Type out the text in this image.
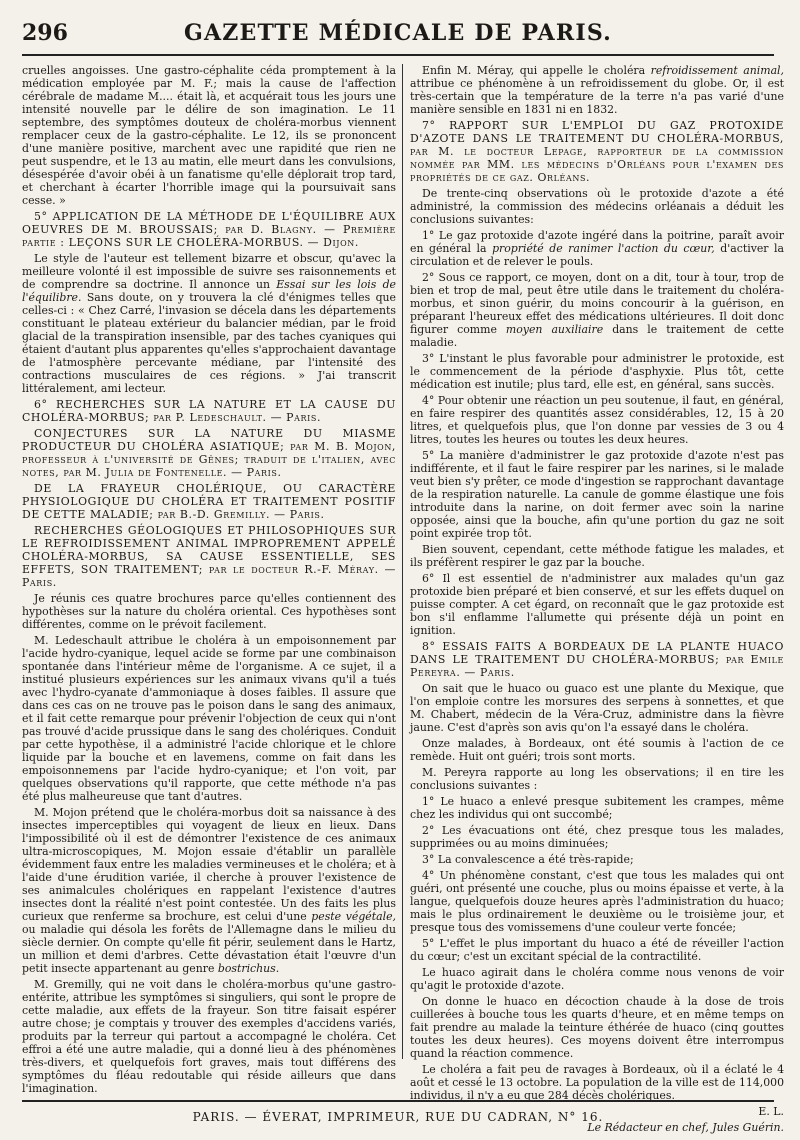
296	GAZETTE MÉDICALE DE PARIS.

cruelles angoisses. Une gastro-céphalite céda promptement à la médication employée par M. F.; mais la cause de l'affection cérébrale de madame M.... était là, et acquérait tous les jours une intensité nouvelle par le délire de son imagination. Le 11 septembre, des symptômes douteux de choléra-morbus viennent remplacer ceux de la gastro-céphalite. Le 12, ils se prononcent d'une manière positive, marchent avec une rapidité que rien ne peut suspendre, et le 13 au matin, elle meurt dans les convulsions, désespérée d'avoir obéi à un fanatisme qu'elle déplorait trop tard, et cherchant à écarter l'horrible image qui la poursuivait sans cesse. »

5° APPLICATION DE LA MÉTHODE DE L'ÉQUILIBRE AUX OEUVRES DE M. BROUSSAIS; par D. Blagny. — Première partie : LEÇONS SUR LE CHOLÉRA-MORBUS. — Dijon.

Le style de l'auteur est tellement bizarre et obscur, qu'avec la meilleure volonté il est impossible de suivre ses raisonnements et de comprendre sa doctrine. Il annonce un Essai sur les lois de l'équilibre. Sans doute, on y trouvera la clé d'énigmes telles que celles-ci : « Chez Carré, l'invasion se décela dans les départements constituant le plateau extérieur du balancier médian, par le froid glacial de la transpiration insensible, par des taches cyaniques qui étaient d'autant plus apparentes qu'elles s'approchaient davantage de l'atmosphère percevante médiane, par l'intensité des contractions musculaires de ces régions. » J'ai transcrit littéralement, ami lecteur.

6° RECHERCHES SUR LA NATURE ET LA CAUSE DU CHOLÉRA-MORBUS; par P. Ledeschault. — Paris.

CONJECTURES SUR LA NATURE DU MIASME PRODUCTEUR DU CHOLÉRA ASIATIQUE; par M. B. Mojon, professeur à l'université de Gênes; traduit de l'italien, avec notes, par M. Julia de Fontenelle. — Paris.

DE LA FRAYEUR CHOLÉRIQUE, OU CARACTÈRE PHYSIOLOGIQUE DU CHOLÉRA ET TRAITEMENT POSITIF DE CETTE MALADIE; par B.-D. Gremilly. — Paris.

RECHERCHES GÉOLOGIQUES ET PHILOSOPHIQUES SUR LE REFROIDISSEMENT ANIMAL IMPROPREMENT APPELÉ CHOLÉRA-MORBUS, SA CAUSE ESSENTIELLE, SES EFFETS, SON TRAITEMENT; par le docteur R.-F. Méray. — Paris.

Je réunis ces quatre brochures parce qu'elles contiennent des hypothèses sur la nature du choléra oriental. Ces hypothèses sont différentes, comme on le prévoit facilement.

M. Ledeschault attribue le choléra à un empoisonnement par l'acide hydro-cyanique, lequel acide se forme par une combinaison spontanée dans l'intérieur même de l'organisme. A ce sujet, il a institué plusieurs expériences sur les animaux vivans qu'il a tués avec l'hydro-cyanate d'ammoniaque à doses faibles. Il assure que dans ces cas on ne trouve pas le poison dans le sang des animaux, et il fait cette remarque pour prévenir l'objection de ceux qui n'ont pas trouvé d'acide prussique dans le sang des cholériques. Conduit par cette hypothèse, il a administré l'acide chlorique et le chlore liquide par la bouche et en lavemens, comme on fait dans les empoisonnemens par l'acide hydro-cyanique; et l'on voit, par quelques observations qu'il rapporte, que cette méthode n'a pas été plus malheureuse que tant d'autres.

M. Mojon prétend que le choléra-morbus doit sa naissance à des insectes imperceptibles qui voyagent de lieux en lieux. Dans l'impossibilité où il est de démontrer l'existence de ces animaux ultra-microscopiques, M. Mojon essaie d'établir un parallèle évidemment faux entre les maladies vermineuses et le choléra; et à l'aide d'une érudition variée, il cherche à prouver l'existence de ses animalcules cholériques en rappelant l'existence d'autres insectes dont la réalité n'est point contestée. Un des faits les plus curieux que renferme sa brochure, est celui d'une peste végétale, ou maladie qui désola les forêts de l'Allemagne dans le milieu du siècle dernier. On compte qu'elle fit périr, seulement dans le Hartz, un million et demi d'arbres. Cette dévastation était l'œuvre d'un petit insecte appartenant au genre bostrichus.

M. Gremilly, qui ne voit dans le choléra-morbus qu'une gastro-entérite, attribue les symptômes si singuliers, qui sont le propre de cette maladie, aux effets de la frayeur. Son titre faisait espérer autre chose; je comptais y trouver des exemples d'accidens variés, produits par la terreur qui partout a accompagné le choléra. Cet effroi a été une autre maladie, qui a donné lieu à des phénomènes très-divers, et quelquefois fort graves, mais tout différens des symptômes du fléau redoutable qui réside ailleurs que dans l'imagination.

Enfin M. Méray, qui appelle le choléra refroidissement animal, attribue ce phénomène à un refroidissement du globe. Or, il est très-certain que la température de la terre n'a pas varié d'une manière sensible en 1831 ni en 1832.

7° RAPPORT SUR L'EMPLOI DU GAZ PROTOXIDE D'AZOTE DANS LE TRAITEMENT DU CHOLÉRA-MORBUS, par M. le docteur Lepage, rapporteur de la commission nommée par MM. les médecins d'Orléans pour l'examen des propriétés de ce gaz. Orléans.

De trente-cinq observations où le protoxide d'azote a été administré, la commission des médecins orléanais a déduit les conclusions suivantes:

1° Le gaz protoxide d'azote ingéré dans la poitrine, paraît avoir en général la propriété de ranimer l'action du cœur, d'activer la circulation et de relever le pouls.

2° Sous ce rapport, ce moyen, dont on a dit, tour à tour, trop de bien et trop de mal, peut être utile dans le traitement du choléra-morbus, et sinon guérir, du moins concourir à la guérison, en préparant l'heureux effet des médications ultérieures. Il doit donc figurer comme moyen auxiliaire dans le traitement de cette maladie.

3° L'instant le plus favorable pour administrer le protoxide, est le commencement de la période d'asphyxie. Plus tôt, cette médication est inutile; plus tard, elle est, en général, sans succès.

4° Pour obtenir une réaction un peu soutenue, il faut, en général, en faire respirer des quantités assez considérables, 12, 15 à 20 litres, et quelquefois plus, que l'on donne par vessies de 3 ou 4 litres, toutes les heures ou toutes les deux heures.

5° La manière d'administrer le gaz protoxide d'azote n'est pas indifférente, et il faut le faire respirer par les narines, si le malade veut bien s'y prêter, ce mode d'ingestion se rapprochant davantage de la respiration naturelle. La canule de gomme élastique une fois introduite dans la narine, on doit fermer avec soin la narine opposée, ainsi que la bouche, afin qu'une portion du gaz ne soit point expirée trop tôt.

Bien souvent, cependant, cette méthode fatigue les malades, et ils préfèrent respirer le gaz par la bouche.

6° Il est essentiel de n'administrer aux malades qu'un gaz protoxide bien préparé et bien conservé, et sur les effets duquel on puisse compter. A cet égard, on reconnaît que le gaz protoxide est bon s'il enflamme l'allumette qui présente déjà un point en ignition.

8° ESSAIS FAITS A BORDEAUX DE LA PLANTE HUACO DANS LE TRAITEMENT DU CHOLÉRA-MORBUS; par Emile Pereyra. — Paris.

On sait que le huaco ou guaco est une plante du Mexique, que l'on emploie contre les morsures des serpens à sonnettes, et que M. Chabert, médecin de la Véra-Cruz, administre dans la fièvre jaune. C'est d'après son avis qu'on l'a essayé dans le choléra.

Onze malades, à Bordeaux, ont été soumis à l'action de ce remède. Huit ont guéri; trois sont morts.

M. Pereyra rapporte au long les observations; il en tire les conclusions suivantes :

1° Le huaco a enlevé presque subitement les crampes, même chez les individus qui ont succombé;

2° Les évacuations ont été, chez presque tous les malades, supprimées ou au moins diminuées;

3° La convalescence a été très-rapide;

4° Un phénomène constant, c'est que tous les malades qui ont guéri, ont présenté une couche, plus ou moins épaisse et verte, à la langue, quelquefois douze heures après l'administration du huaco; mais le plus ordinairement le deuxième ou le troisième jour, et presque tous des vomissemens d'une couleur verte foncée;

5° L'effet le plus important du huaco a été de réveiller l'action du cœur; c'est un excitant spécial de la contractilité.

Le huaco agirait dans le choléra comme nous venons de voir qu'agit le protoxide d'azote.

On donne le huaco en décoction chaude à la dose de trois cuillerées à bouche tous les quarts d'heure, et en même temps on fait prendre au malade la teinture éthérée de huaco (cinq gouttes toutes les deux heures). Ces moyens doivent être interrompus quand la réaction commence.

Le choléra a fait peu de ravages à Bordeaux, où il a éclaté le 4 août et cessé le 13 octobre. La population de la ville est de 114,000 individus, il n'y a eu que 284 décès cholériques.

E. L.

Le Rédacteur en chef, Jules Guérin.

PARIS. — ÉVERAT, IMPRIMEUR, RUE DU CADRAN, N° 16.
